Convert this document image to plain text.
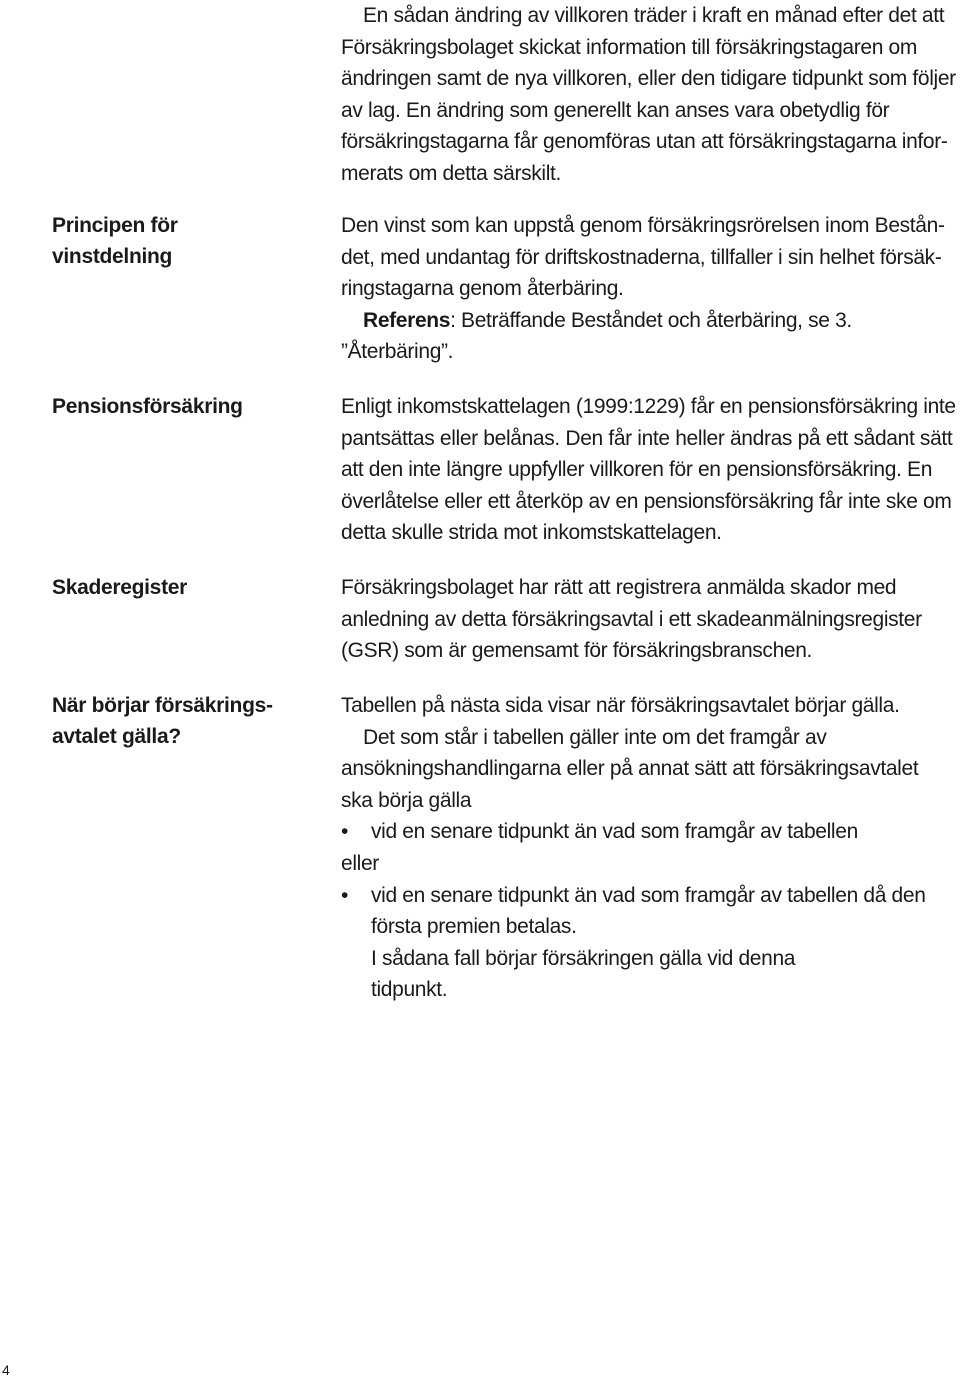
En sådan ändring av villkoren träder i kraft en månad efter det att Försäkringsbolaget skickat information till försäkringstagaren om ändringen samt de nya villkoren, eller den tidigare tidpunkt som följer av lag. En ändring som generellt kan anses vara obetydlig för försäkringstagarna får genomföras utan att försäkringstagarna informerats om detta särskilt.

Principen för vinstdelning

Den vinst som kan uppstå genom försäkringsrörelsen inom Beståndet, med undantag för driftskostnaderna, tillfaller i sin helhet försäkringstagarna genom återbäring.

Referens: Beträffande Beståndet och återbäring, se 3. ”Återbäring”.

Pensionsförsäkring	Enligt inkomstskattelagen (1999:1229) får en pensionsförsäkring inte pantsättas eller belånas. Den får inte heller ändras på ett sådant sätt att den inte längre uppfyller villkoren för en pensionsförsäkring. En överlåtelse eller ett återköp av en pensionsförsäkring får inte ske om detta skulle strida mot inkomstskattelagen.

Skaderegister	Försäkringsbolaget har rätt att registrera anmälda skador med anledning av detta försäkringsavtal i ett skadeanmälningsregister (GSR) som är gemensamt för försäkringsbranschen.

När börjar försäkrings-
avtalet gälla?

Tabellen på nästa sida visar när försäkringsavtalet börjar gälla.

Det som står i tabellen gäller inte om det framgår av ansökningshandlingarna eller på annat sätt att försäkringsavtalet ska börja gälla

• vid en senare tidpunkt än vad som framgår av tabellen

eller

• vid en senare tidpunkt än vad som framgår av tabellen då den första premien betalas.

I sådana fall börjar försäkringen gälla vid denna tidpunkt.

4
